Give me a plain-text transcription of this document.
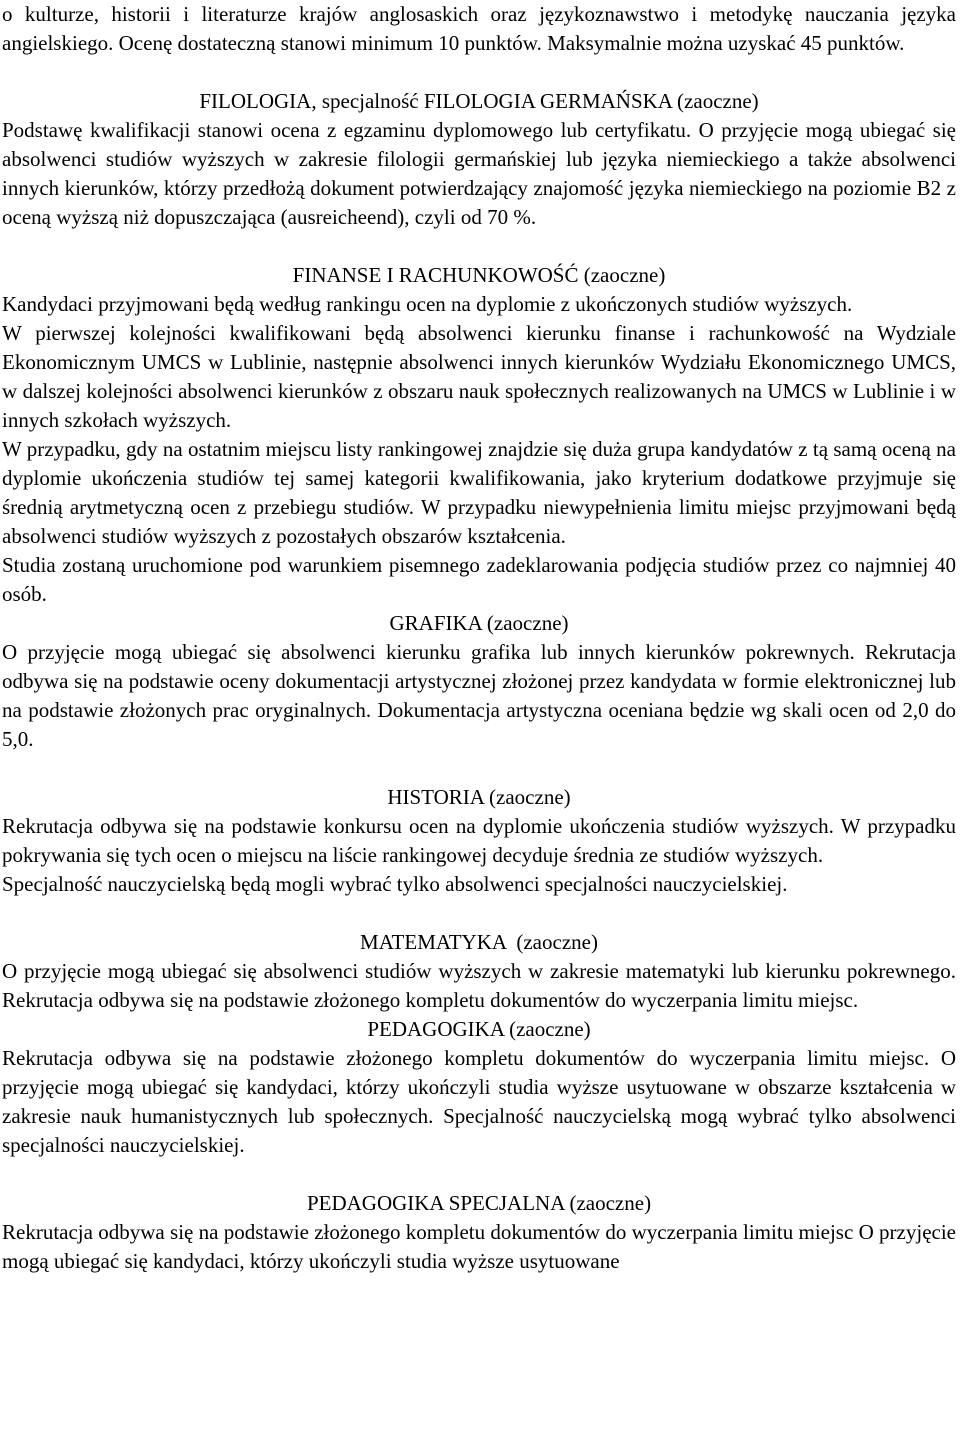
o kulturze, historii i literaturze krajów anglosaskich oraz językoznawstwo i metodykę nauczania języka angielskiego. Ocenę dostateczną stanowi minimum 10 punktów. Maksymalnie można uzyskać 45 punktów.

FILOLOGIA, specjalność FILOLOGIA GERMAŃSKA (zaoczne)

Podstawę kwalifikacji stanowi ocena z egzaminu dyplomowego lub certyfikatu. O przyjęcie mogą ubiegać się absolwenci studiów wyższych w zakresie filologii germańskiej lub języka niemieckiego a także absolwenci innych kierunków, którzy przedłożą dokument potwierdzający znajomość języka niemieckiego na poziomie B2 z oceną wyższą niż dopuszczająca (ausreicheend), czyli od 70 %.

FINANSE I RACHUNKOWOŚĆ (zaoczne)

Kandydaci przyjmowani będą według rankingu ocen na dyplomie z ukończonych studiów wyższych.

W pierwszej kolejności kwalifikowani będą absolwenci kierunku finanse i rachunkowość na Wydziale Ekonomicznym UMCS w Lublinie, następnie absolwenci innych kierunków Wydziału Ekonomicznego UMCS, w dalszej kolejności absolwenci kierunków z obszaru nauk społecznych realizowanych na UMCS w Lublinie i w innych szkołach wyższych.

W przypadku, gdy na ostatnim miejscu listy rankingowej znajdzie się duża grupa kandydatów z tą samą oceną na dyplomie ukończenia studiów tej samej kategorii kwalifikowania, jako kryterium dodatkowe przyjmuje się średnią arytmetyczną ocen z przebiegu studiów. W przypadku niewypełnienia limitu miejsc przyjmowani będą absolwenci studiów wyższych z pozostałych obszarów kształcenia.

Studia zostaną uruchomione pod warunkiem pisemnego zadeklarowania podjęcia studiów przez co najmniej 40 osób.

GRAFIKA (zaoczne)

O przyjęcie mogą ubiegać się absolwenci kierunku grafika lub innych kierunków pokrewnych. Rekrutacja odbywa się na podstawie oceny dokumentacji artystycznej złożonej przez kandydata w formie elektronicznej lub na podstawie złożonych prac oryginalnych. Dokumentacja artystyczna oceniana będzie wg skali ocen od 2,0 do 5,0.

HISTORIA (zaoczne)

Rekrutacja odbywa się na podstawie konkursu ocen na dyplomie ukończenia studiów wyższych. W przypadku pokrywania się tych ocen o miejscu na liście rankingowej decyduje średnia ze studiów wyższych.

Specjalność nauczycielską będą mogli wybrać tylko absolwenci specjalności nauczycielskiej.

MATEMATYKA  (zaoczne)

O przyjęcie mogą ubiegać się absolwenci studiów wyższych w zakresie matematyki lub kierunku pokrewnego. Rekrutacja odbywa się na podstawie złożonego kompletu dokumentów do wyczerpania limitu miejsc.

PEDAGOGIKA (zaoczne)

Rekrutacja odbywa się na podstawie złożonego kompletu dokumentów do wyczerpania limitu miejsc. O przyjęcie mogą ubiegać się kandydaci, którzy ukończyli studia wyższe usytuowane w obszarze kształcenia w zakresie nauk humanistycznych lub społecznych. Specjalność nauczycielską mogą wybrać tylko absolwenci specjalności nauczycielskiej.

PEDAGOGIKA SPECJALNA (zaoczne)

Rekrutacja odbywa się na podstawie złożonego kompletu dokumentów do wyczerpania limitu miejsc O przyjęcie mogą ubiegać się kandydaci, którzy ukończyli studia wyższe usytuowane
